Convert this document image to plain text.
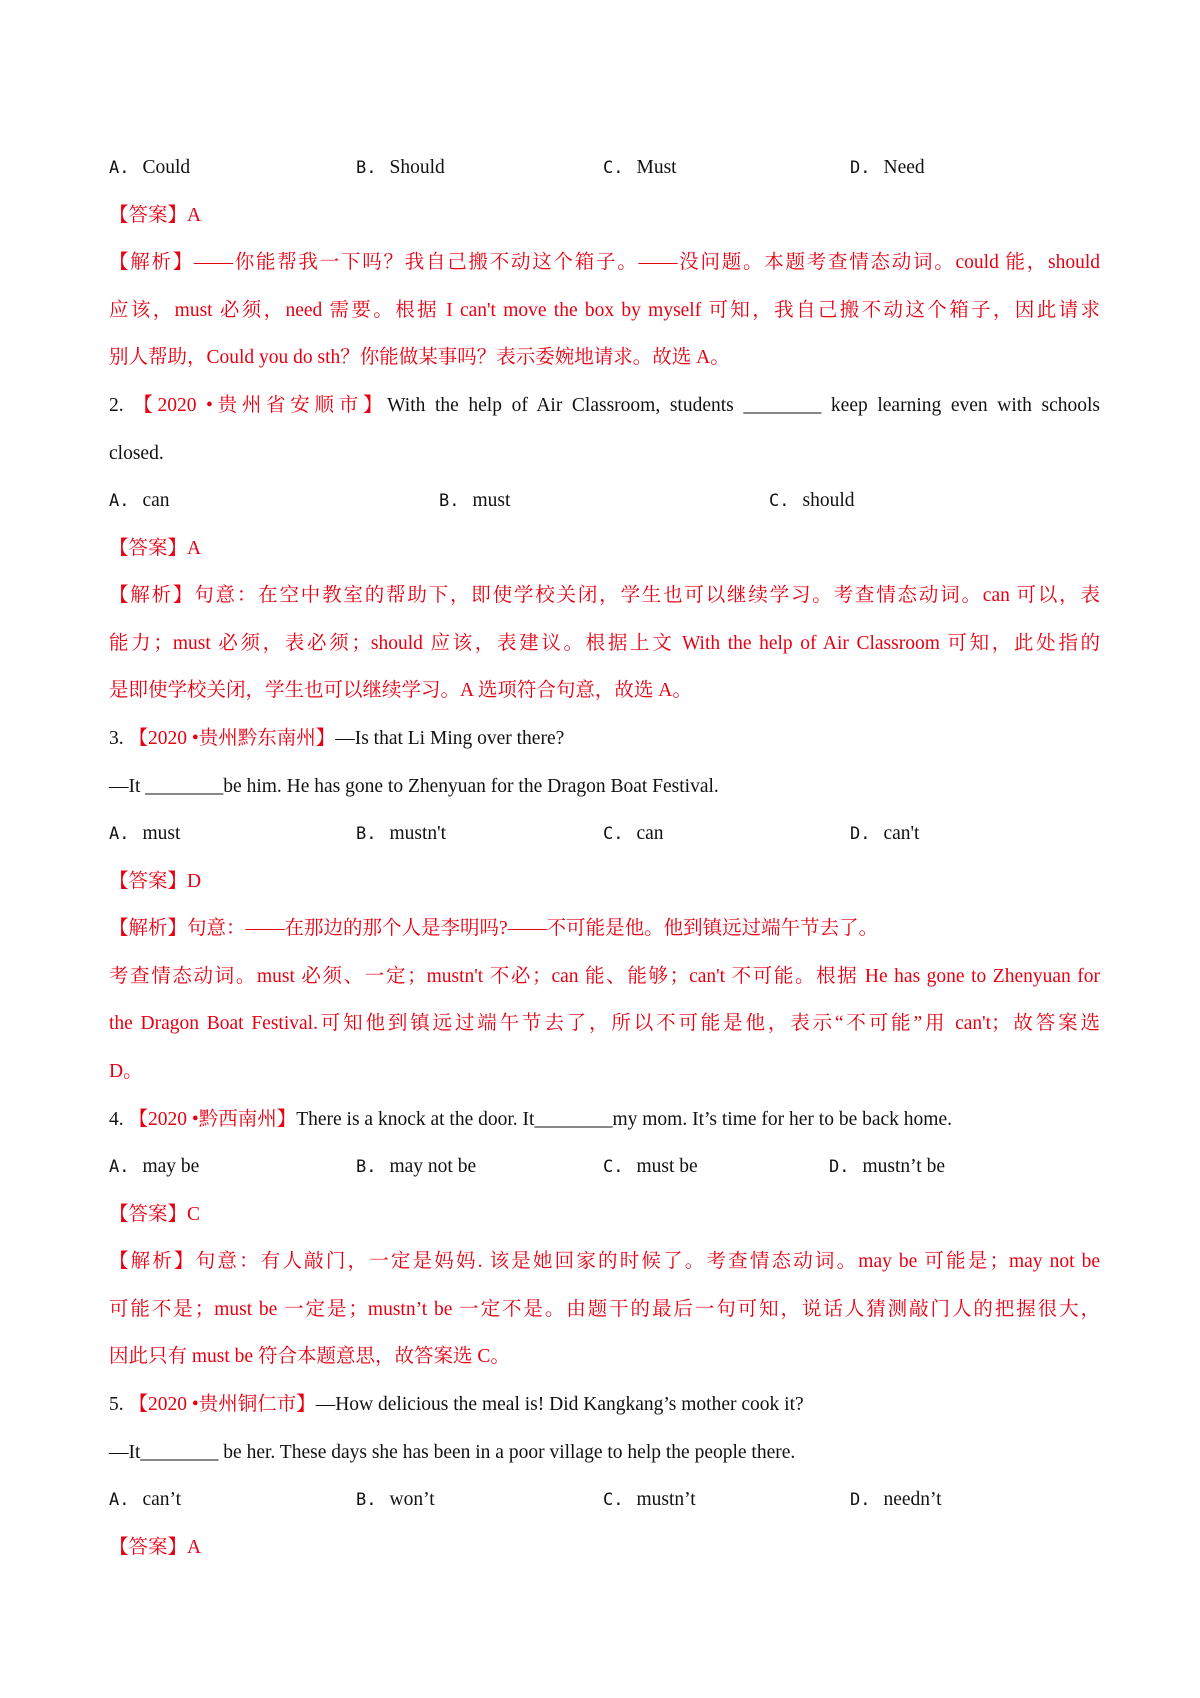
A. Could	B. Should	C. Must	D. Need
【答案】A
【解析】——你能帮我一下吗？我自己搬不动这个箱子。——没问题。本题考查情态动词。could 能，should
应该，must 必须，need 需要。根据 I can't move the box by myself 可知，我自己搬不动这个箱子，因此请求
别人帮助，Could you do sth？你能做某事吗？表示委婉地请求。故选 A。
2. 【2020 •贵州省安顺市】With the help of Air Classroom, students ________ keep learning even with schools
closed.
A. can	B. must	C. should
【答案】A
【解析】句意：在空中教室的帮助下，即使学校关闭，学生也可以继续学习。考查情态动词。can 可以，表
能力；must 必须，表必须；should 应该，表建议。根据上文 With the help of Air Classroom 可知，此处指的
是即使学校关闭，学生也可以继续学习。A 选项符合句意，故选 A。
3. 【2020 •贵州黔东南州】—Is that Li Ming over there?
—It ________be him. He has gone to Zhenyuan for the Dragon Boat Festival.
A. must	B. mustn't	C. can	D. can't
【答案】D
【解析】句意：——在那边的那个人是李明吗?——不可能是他。他到镇远过端午节去了。
考查情态动词。must 必须、一定；mustn't 不必；can 能、能够；can't 不可能。根据 He has gone to Zhenyuan for
the Dragon Boat Festival.可知他到镇远过端午节去了，所以不可能是他，表示“不可能”用 can't；故答案选
D。
4. 【2020 •黔西南州】There is a knock at the door. It________my mom. It’s time for her to be back home.
A. may be	B. may not be	C. must be	D. mustn’t be
【答案】C
【解析】句意：有人敲门，一定是妈妈. 该是她回家的时候了。考查情态动词。may be 可能是；may not be
可能不是；must be 一定是；mustn’t be 一定不是。由题干的最后一句可知，说话人猜测敲门人的把握很大，
因此只有 must be 符合本题意思，故答案选 C。
5. 【2020 •贵州铜仁市】—How delicious the meal is! Did Kangkang’s mother cook it?
—It________ be her. These days she has been in a poor village to help the people there.
A. can’t	B. won’t	C. mustn’t	D. needn’t
【答案】A
